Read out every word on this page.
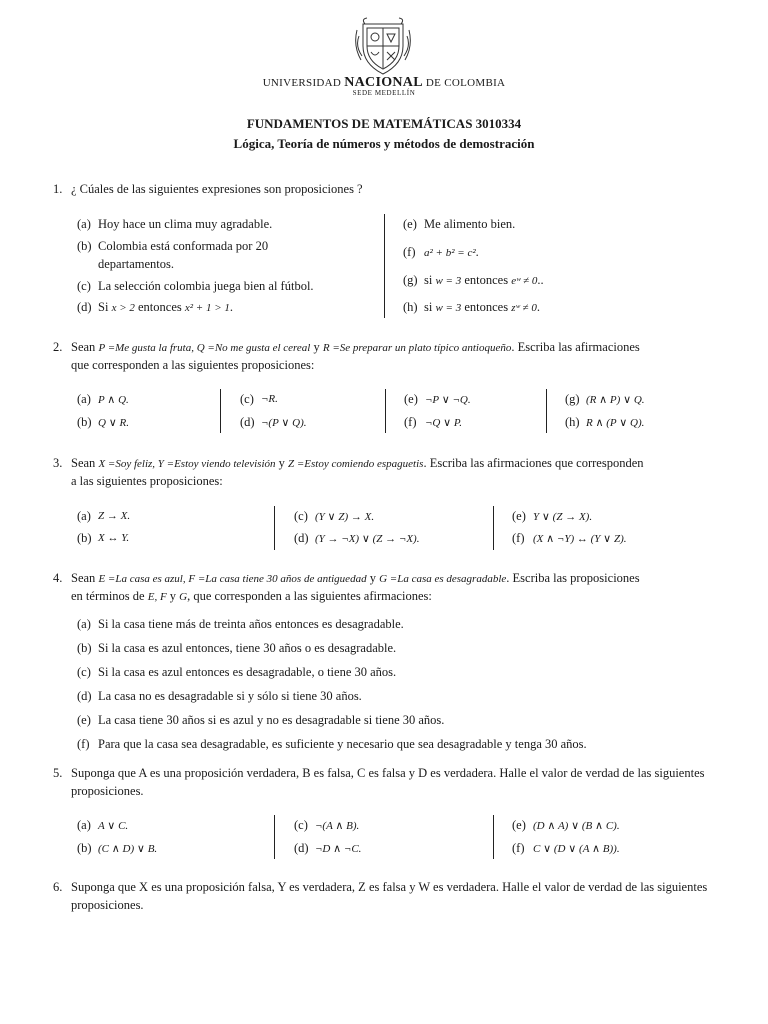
UNIVERSIDAD NACIONAL DE COLOMBIA
SEDE MEDELLÍN
FUNDAMENTOS DE MATEMÁTICAS 3010334
Lógica, Teoría de números y métodos de demostración
1. ¿ Cúales de las siguientes expresiones son proposiciones ?
(a) Hoy hace un clima muy agradable.
(b) Colombia está conformada por 20
departamentos.
(c) La selección colombia juega bien al fútbol.
(d) Si x > 2 entonces x² + 1 > 1.
(e) Me alimento bien.
(f) a² + b² = c².
(g) si w = 3 entonces eʷ ≠ 0..
(h) si w = 3 entonces zʷ ≠ 0.
2. Sean P =Me gusta la fruta, Q =No me gusta el cereal y R =Se preparar un plato típico antioqueño. Escriba las afirmaciones
que corresponden a las siguientes proposiciones:
(a) P ∧ Q.
(b) Q ∨ R.
(c) ¬R.
(d) ¬(P ∨ Q).
(e) ¬P ∨ ¬Q.
(f) ¬Q ∨ P.
(g) (R ∧ P) ∨ Q.
(h) R ∧ (P ∨ Q).
3. Sean X =Soy feliz, Y =Estoy viendo televisión y Z =Estoy comiendo espaguetis. Escriba las afirmaciones que corresponden
a las siguientes proposiciones:
(a) Z → X.
(b) X ↔ Y.
(c) (Y ∨ Z) → X.
(d) (Y → ¬X) ∨ (Z → ¬X).
(e) Y ∨ (Z → X).
(f) (X ∧ ¬Y) ↔ (Y ∨ Z).
4. Sean E =La casa es azul, F =La casa tiene 30 años de antiguedad y G =La casa es desagradable. Escriba las proposiciones
en términos de E, F y G, que corresponden a las siguientes afirmaciones:
(a) Si la casa tiene más de treinta años entonces es desagradable.
(b) Si la casa es azul entonces, tiene 30 años o es desagradable.
(c) Si la casa es azul entonces es desagradable, o tiene 30 años.
(d) La casa no es desagradable si y sólo si tiene 30 años.
(e) La casa tiene 30 años si es azul y no es desagradable si tiene 30 años.
(f) Para que la casa sea desagradable, es suficiente y necesario que sea desagradable y tenga 30 años.
5. Suponga que A es una proposición verdadera, B es falsa, C es falsa y D es verdadera. Halle el valor de verdad de las siguientes
proposiciones.
(a) A ∨ C.
(b) (C ∧ D) ∨ B.
(c) ¬(A ∧ B).
(d) ¬D ∧ ¬C.
(e) (D ∧ A) ∨ (B ∧ C).
(f) C ∨ (D ∨ (A ∧ B)).
6. Suponga que X es una proposición falsa, Y es verdadera, Z es falsa y W es verdadera. Halle el valor de verdad de las siguientes
proposiciones.
